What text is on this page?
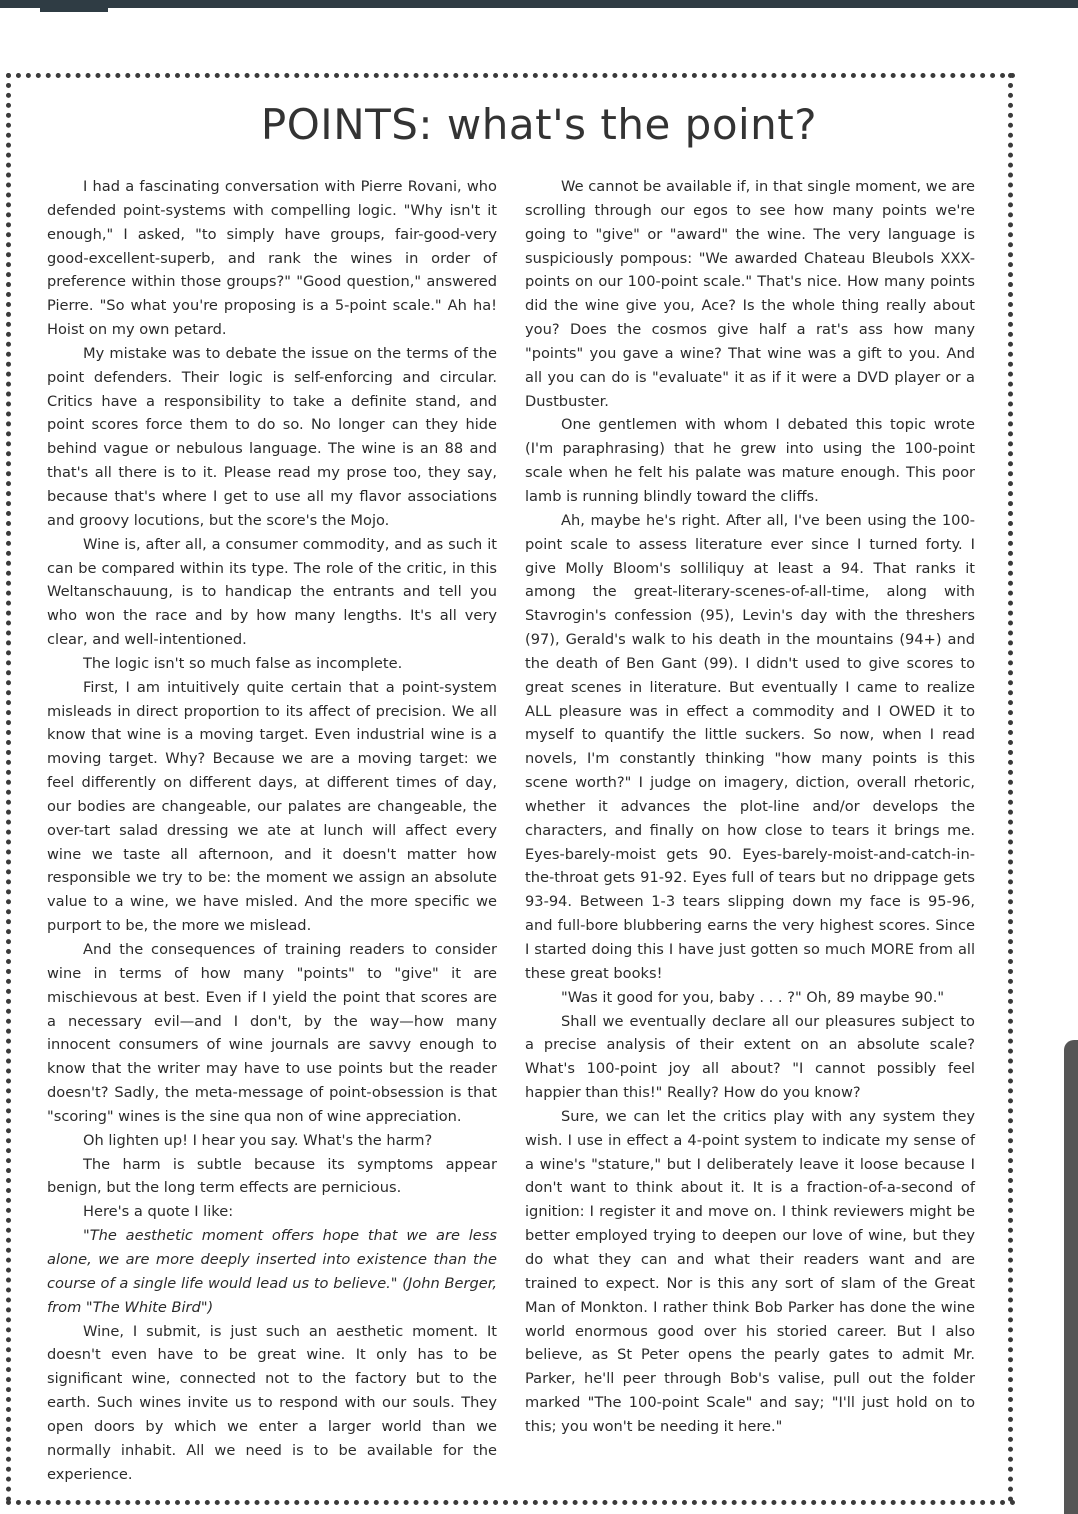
POINTS: what's the point?

I had a fascinating conversation with Pierre Rovani, who defended point-systems with compelling logic. "Why isn't it enough," I asked, "to simply have groups, fair-good-very good-excellent-superb, and rank the wines in order of preference within those groups?" "Good question," answered Pierre. "So what you're proposing is a 5-point scale." Ah ha! Hoist on my own petard.

My mistake was to debate the issue on the terms of the point defenders. Their logic is self-enforcing and circular. Critics have a responsibility to take a definite stand, and point scores force them to do so. No longer can they hide behind vague or nebulous language. The wine is an 88 and that's all there is to it. Please read my prose too, they say, because that's where I get to use all my flavor associations and groovy locutions, but the score's the Mojo.

Wine is, after all, a consumer commodity, and as such it can be compared within its type. The role of the critic, in this Weltanschauung, is to handicap the entrants and tell you who won the race and by how many lengths. It's all very clear, and well-intentioned.

The logic isn't so much false as incomplete.

First, I am intuitively quite certain that a point-system misleads in direct proportion to its affect of precision. We all know that wine is a moving target. Even industrial wine is a moving target. Why? Because we are a moving target: we feel differently on different days, at different times of day, our bodies are changeable, our palates are changeable, the over-tart salad dressing we ate at lunch will affect every wine we taste all afternoon, and it doesn't matter how responsible we try to be: the moment we assign an absolute value to a wine, we have misled. And the more specific we purport to be, the more we mislead.

And the consequences of training readers to consider wine in terms of how many "points" to "give" it are mischievous at best. Even if I yield the point that scores are a necessary evil—and I don't, by the way—how many innocent consumers of wine journals are savvy enough to know that the writer may have to use points but the reader doesn't? Sadly, the meta-message of point-obsession is that "scoring" wines is the sine qua non of wine appreciation.

Oh lighten up! I hear you say. What's the harm?

The harm is subtle because its symptoms appear benign, but the long term effects are pernicious.

Here's a quote I like:

"The aesthetic moment offers hope that we are less alone, we are more deeply inserted into existence than the course of a single life would lead us to believe." (John Berger, from "The White Bird")

Wine, I submit, is just such an aesthetic moment. It doesn't even have to be great wine. It only has to be significant wine, connected not to the factory but to the earth. Such wines invite us to respond with our souls. They open doors by which we enter a larger world than we normally inhabit. All we need is to be available for the experience.

We cannot be available if, in that single moment, we are scrolling through our egos to see how many points we're going to "give" or "award" the wine. The very language is suspiciously pompous: "We awarded Chateau Bleubols XXX-points on our 100-point scale." That's nice. How many points did the wine give you, Ace? Is the whole thing really about you? Does the cosmos give half a rat's ass how many "points" you gave a wine? That wine was a gift to you. And all you can do is "evaluate" it as if it were a DVD player or a Dustbuster.

One gentlemen with whom I debated this topic wrote (I'm paraphrasing) that he grew into using the 100-point scale when he felt his palate was mature enough. This poor lamb is running blindly toward the cliffs.

Ah, maybe he's right. After all, I've been using the 100-point scale to assess literature ever since I turned forty. I give Molly Bloom's solliliquy at least a 94. That ranks it among the great-literary-scenes-of-all-time, along with Stavrogin's confession (95), Levin's day with the threshers (97), Gerald's walk to his death in the mountains (94+) and the death of Ben Gant (99). I didn't used to give scores to great scenes in literature. But eventually I came to realize ALL pleasure was in effect a commodity and I OWED it to myself to quantify the little suckers. So now, when I read novels, I'm constantly thinking "how many points is this scene worth?" I judge on imagery, diction, overall rhetoric, whether it advances the plot-line and/or develops the characters, and finally on how close to tears it brings me. Eyes-barely-moist gets 90. Eyes-barely-moist-and-catch-in-the-throat gets 91-92. Eyes full of tears but no drippage gets 93-94. Between 1-3 tears slipping down my face is 95-96, and full-bore blubbering earns the very highest scores. Since I started doing this I have just gotten so much MORE from all these great books!

"Was it good for you, baby . . . ?" Oh, 89 maybe 90."

Shall we eventually declare all our pleasures subject to a precise analysis of their extent on an absolute scale? What's 100-point joy all about? "I cannot possibly feel happier than this!" Really? How do you know?

Sure, we can let the critics play with any system they wish. I use in effect a 4-point system to indicate my sense of a wine's "stature," but I deliberately leave it loose because I don't want to think about it. It is a fraction-of-a-second of ignition: I register it and move on. I think reviewers might be better employed trying to deepen our love of wine, but they do what they can and what their readers want and are trained to expect. Nor is this any sort of slam of the Great Man of Monkton. I rather think Bob Parker has done the wine world enormous good over his storied career. But I also believe, as St Peter opens the pearly gates to admit Mr. Parker, he'll peer through Bob's valise, pull out the folder marked "The 100-point Scale" and say; "I'll just hold on to this; you won't be needing it here."
